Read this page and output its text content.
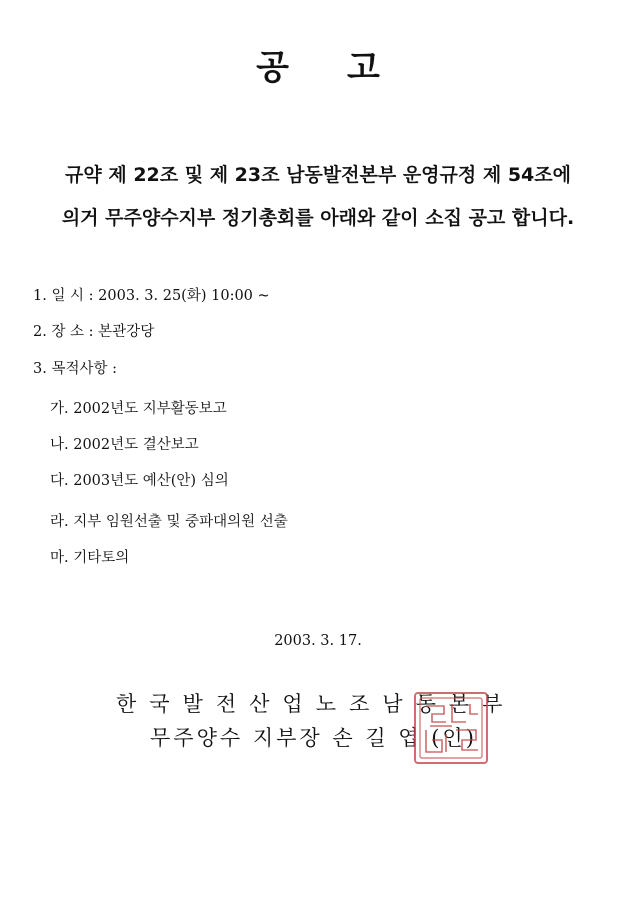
공고
규약 제 22조 및 제 23조 남동발전본부 운영규정 제 54조에
의거 무주양수지부 정기총회를 아래와 같이 소집 공고 합니다.
1. 일 시 : 2003. 3. 25(화) 10:00 ~
2. 장 소 : 본관강당
3. 목적사항 :
가. 2002년도 지부활동보고
나. 2002년도 결산보고
다. 2003년도 예산(안) 심의
라. 지부 임원선출 및 중파대의원 선출
마. 기타토의
2003. 3. 17.
한국발전산업노조남동본부
무주양수 지부장 손 길 엽 (인)
